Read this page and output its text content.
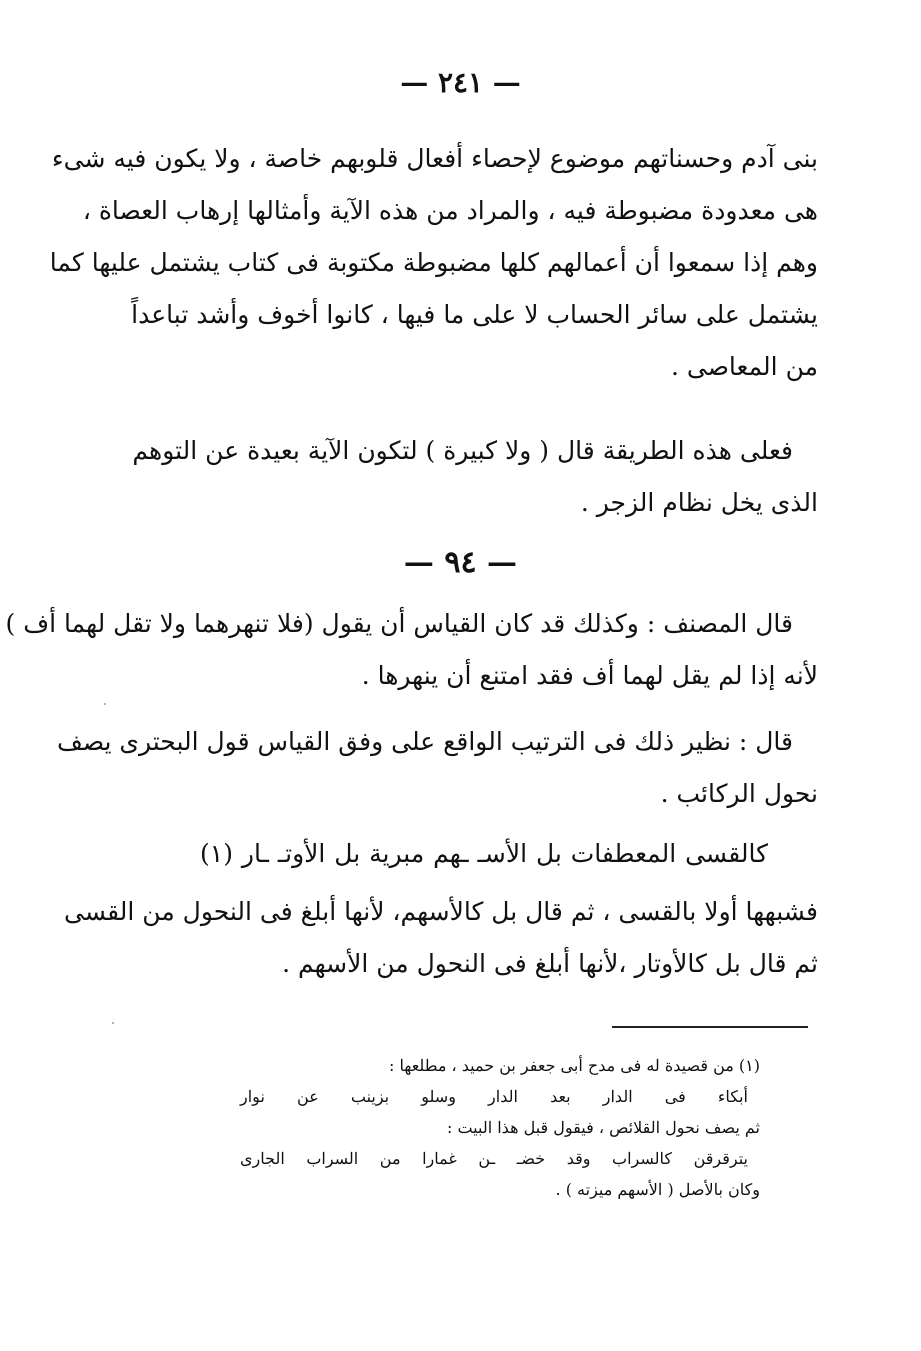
— ٢٤١ —
بنى آدم وحسناتهم موضوع لإحصاء أفعال قلوبهم خاصة ، ولا يكون فيه شىء
هى معدودة مضبوطة فيه ، والمراد من هذه الآية وأمثالها إرهاب العصاة ،
وهم إذا سمعوا أن أعمالهم كلها مضبوطة مكتوبة فى كتاب يشتمل عليها كما
يشتمل على سائر الحساب لا على ما فيها ، كانوا أخوف وأشد تباعداً
من المعاصى .
فعلى هذه الطريقة قال ( ولا كبيرة ) لتكون الآية بعيدة عن التوهم
الذى يخل نظام الزجر .
— ٩٤ —
قال المصنف : وكذلك قد كان القياس أن يقول (فلا تنهرهما ولا تقل لهما أف )
لأنه إذا لم يقل لهما أف فقد امتنع أن ينهرها .
قال : نظير ذلك فى الترتيب الواقع على وفق القياس قول البحترى يصف
نحول الركائب .
كالقسى المعطفات بل الأسـ ـهم مبرية بل الأوتـ ـار (١)
فشبهها أولا بالقسى ، ثم قال بل كالأسهم، لأنها أبلغ فى النحول من القسى
ثم قال بل كالأوتار ،لأنها أبلغ فى النحول من الأسهم .
(١) من قصيدة له فى مدح أبى جعفر بن حميد ، مطلعها :
أبكاء فى الدار بعد الدار وسلو بزينب عن نوار
ثم يصف نحول القلائص ، فيقول قبل هذا البيت :
يترقرقن كالسراب وقد خضـ ـن غمارا من السراب الجارى
وكان بالأصل ( الأسهم ميزته ) .
